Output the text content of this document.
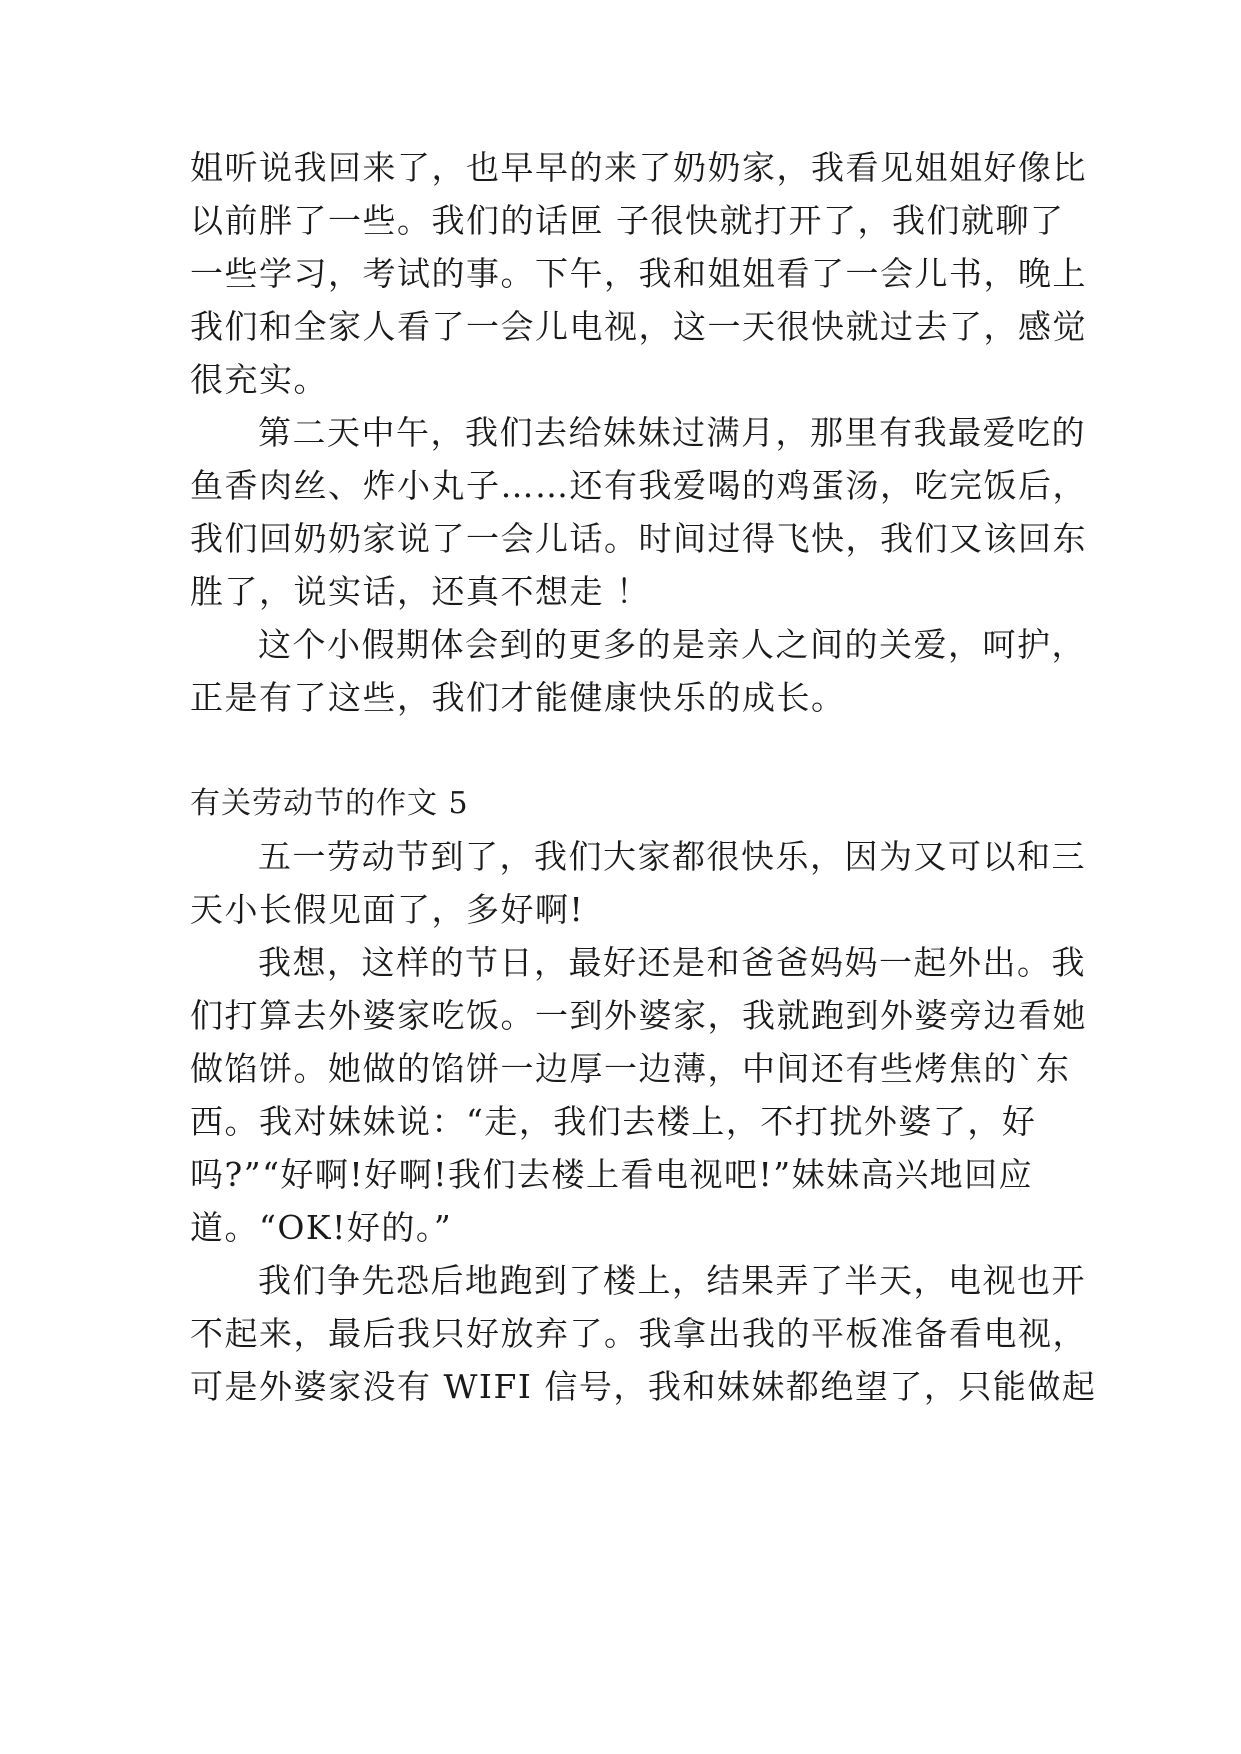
姐听说我回来了，也早早的来了奶奶家，我看见姐姐好像比
以前胖了一些。我们的话匣 子很快就打开了，我们就聊了
一些学习，考试的事。下午，我和姐姐看了一会儿书，晚上
我们和全家人看了一会儿电视，这一天很快就过去了，感觉
很充实。
第二天中午，我们去给妹妹过满月，那里有我最爱吃的
鱼香肉丝、炸小丸子……还有我爱喝的鸡蛋汤，吃完饭后，
我们回奶奶家说了一会儿话。时间过得飞快，我们又该回东
胜了，说实话，还真不想走 ！
这个小假期体会到的更多的是亲人之间的关爱，呵护，
正是有了这些，我们才能健康快乐的成长。
有关劳动节的作文 5
五一劳动节到了，我们大家都很快乐，因为又可以和三
天小长假见面了，多好啊!
我想，这样的节日，最好还是和爸爸妈妈一起外出。我
们打算去外婆家吃饭。一到外婆家，我就跑到外婆旁边看她
做馅饼。她做的馅饼一边厚一边薄，中间还有些烤焦的`东
西。我对妹妹说：“走，我们去楼上，不打扰外婆了，好
吗?”“好啊!好啊!我们去楼上看电视吧!”妹妹高兴地回应
道。“OK!好的。”
我们争先恐后地跑到了楼上，结果弄了半天，电视也开
不起来，最后我只好放弃了。我拿出我的平板准备看电视，
可是外婆家没有 WIFI 信号，我和妹妹都绝望了，只能做起
